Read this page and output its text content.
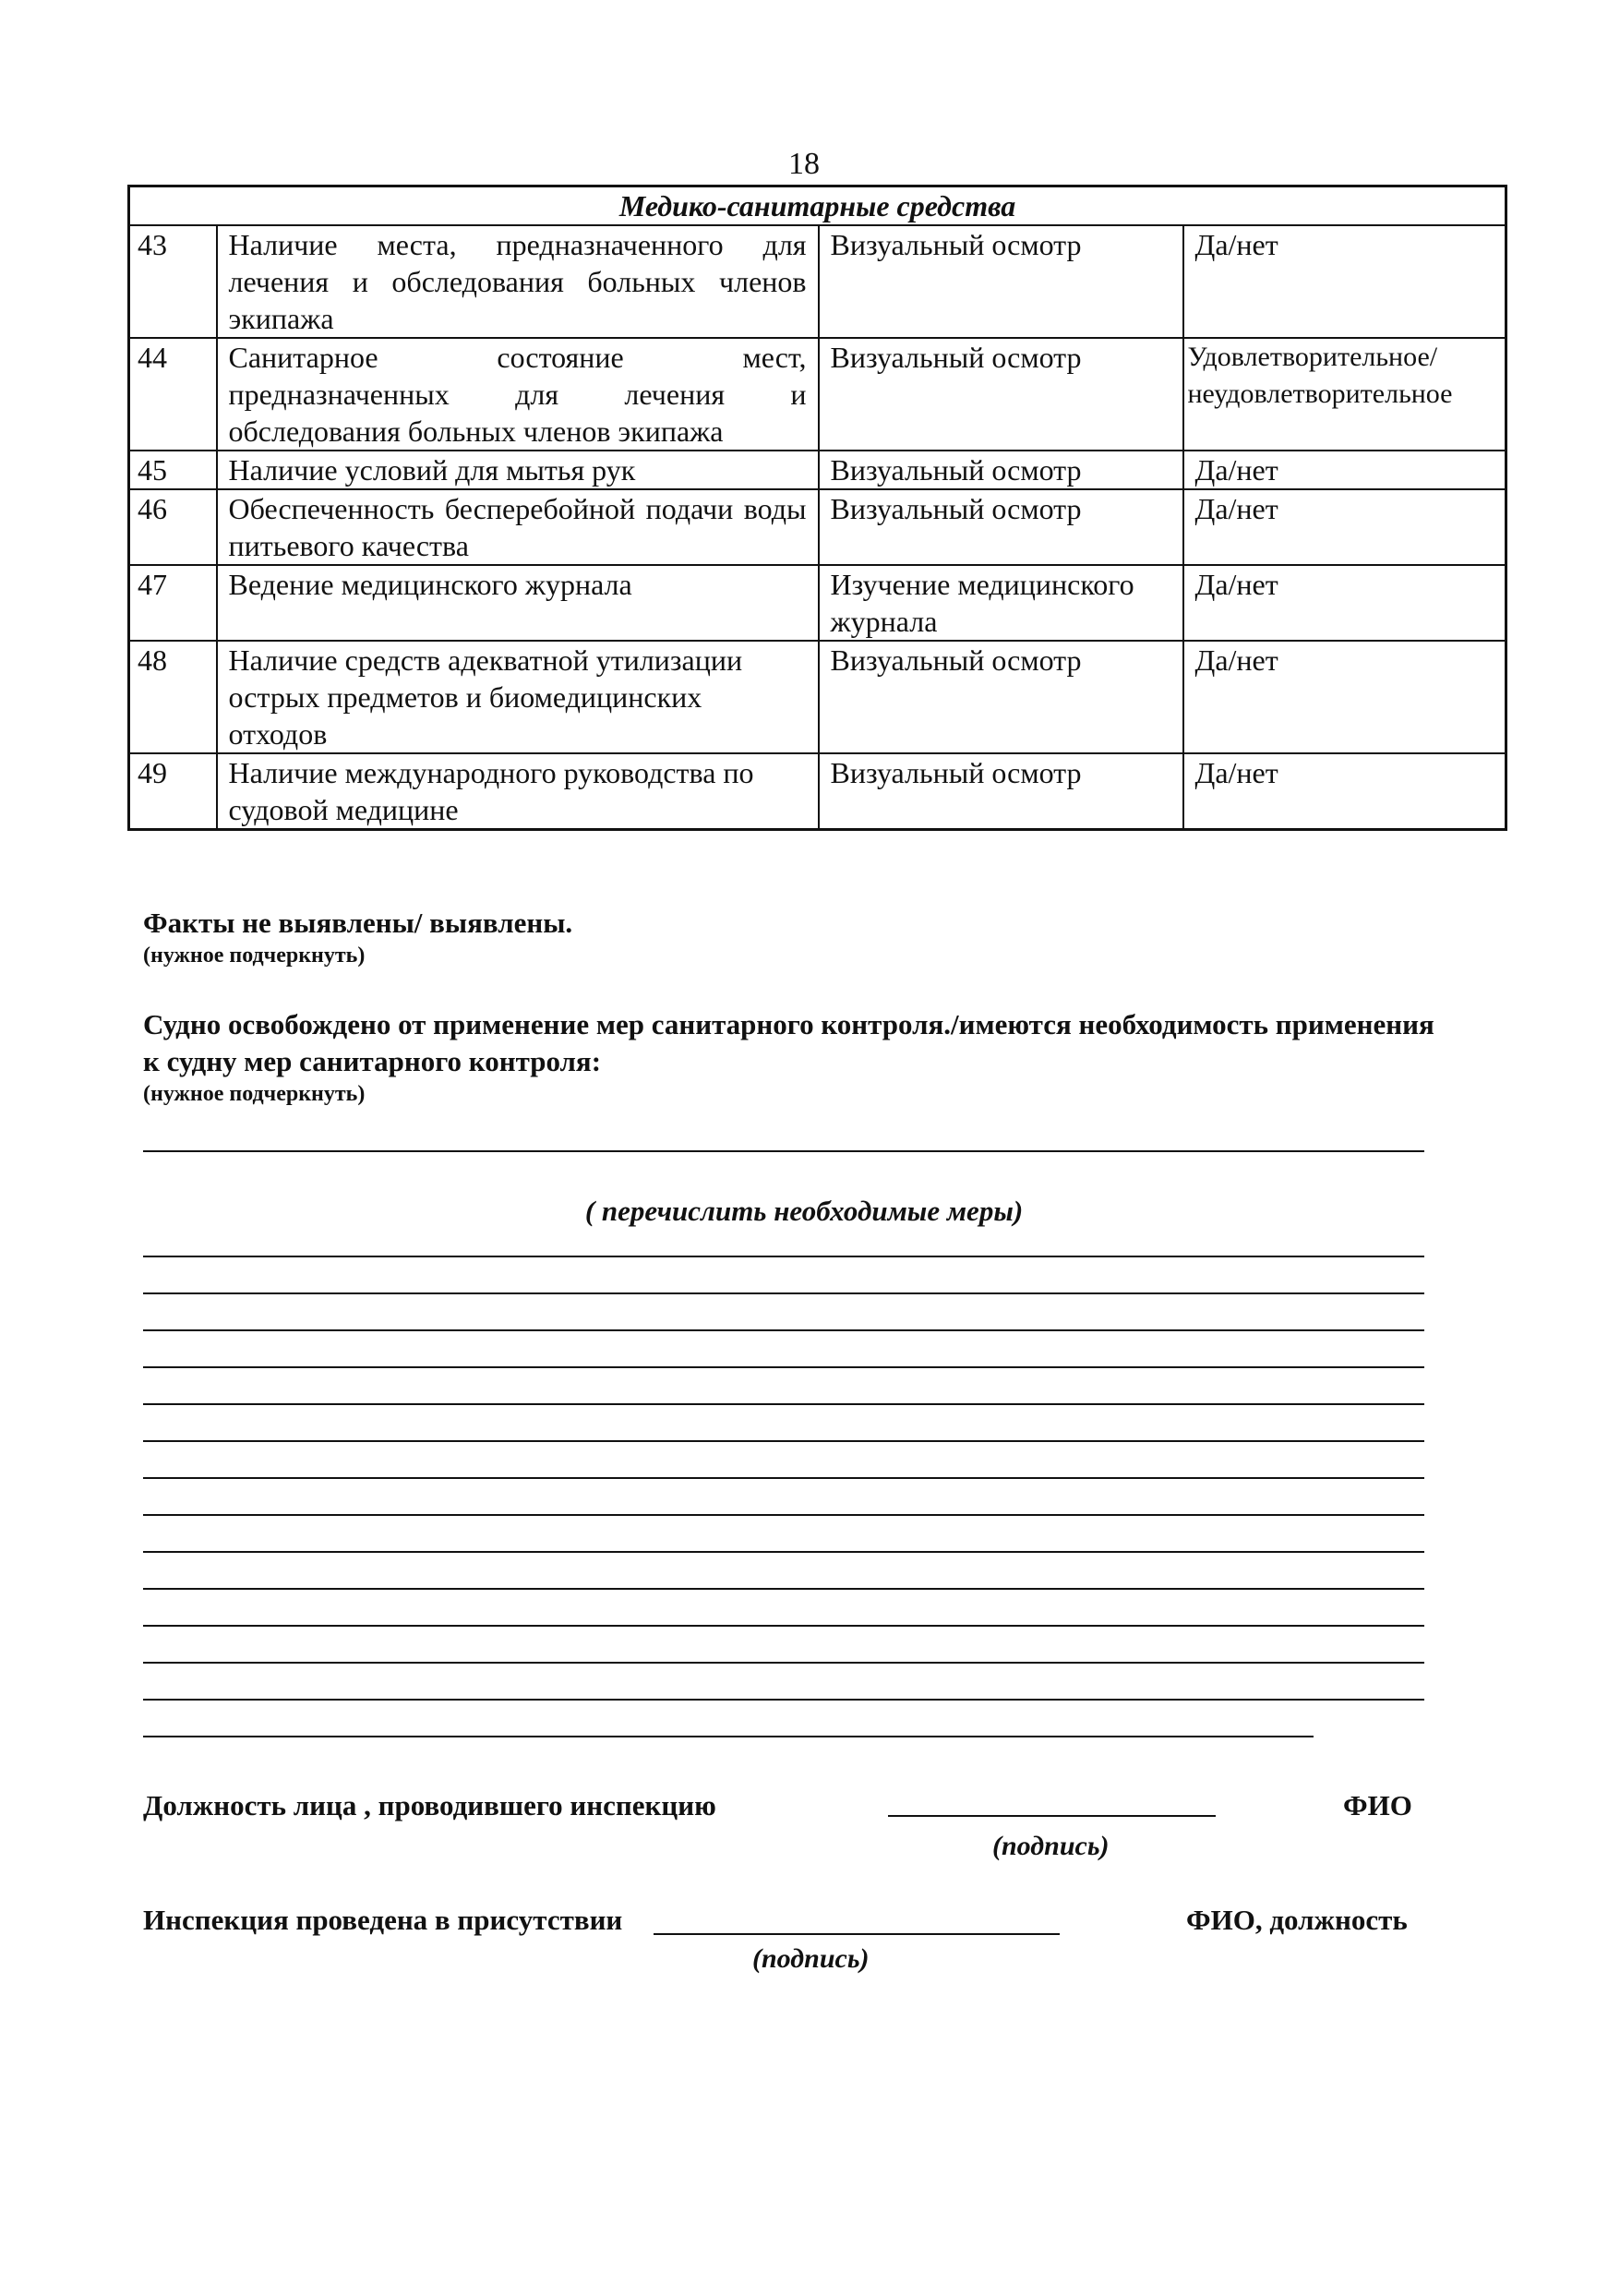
18
Медико-санитарные средства			
43	Наличие места, предназначенного для лечения и обследования больных членов экипажа	Визуальный осмотр	Да/нет
44	Санитарное состояние мест, предназначенных для лечения и обследования больных членов экипажа	Визуальный осмотр	Удовлетворительное/ неудовлетворительное
45	Наличие условий для мытья рук	Визуальный осмотр	Да/нет
46	Обеспеченность бесперебойной подачи воды питьевого качества	Визуальный осмотр	Да/нет
47	Ведение медицинского журнала	Изучение медицинского журнала	Да/нет
48	Наличие средств адекватной утилизации острых предметов и биомедицинских отходов	Визуальный осмотр	Да/нет
49	Наличие международного руководства по судовой медицине	Визуальный осмотр	Да/нет
Факты не выявлены/ выявлены.
(нужное подчеркнуть)
Судно освобождено от применение мер санитарного контроля./имеются необходимость применения к судну мер санитарного контроля:
(нужное подчеркнуть)
( перечислить необходимые меры)
Должность лица , проводившего инспекцию	ФИО
(подпись)
Инспекция проведена в присутствии	ФИО, должность
(подпись)
